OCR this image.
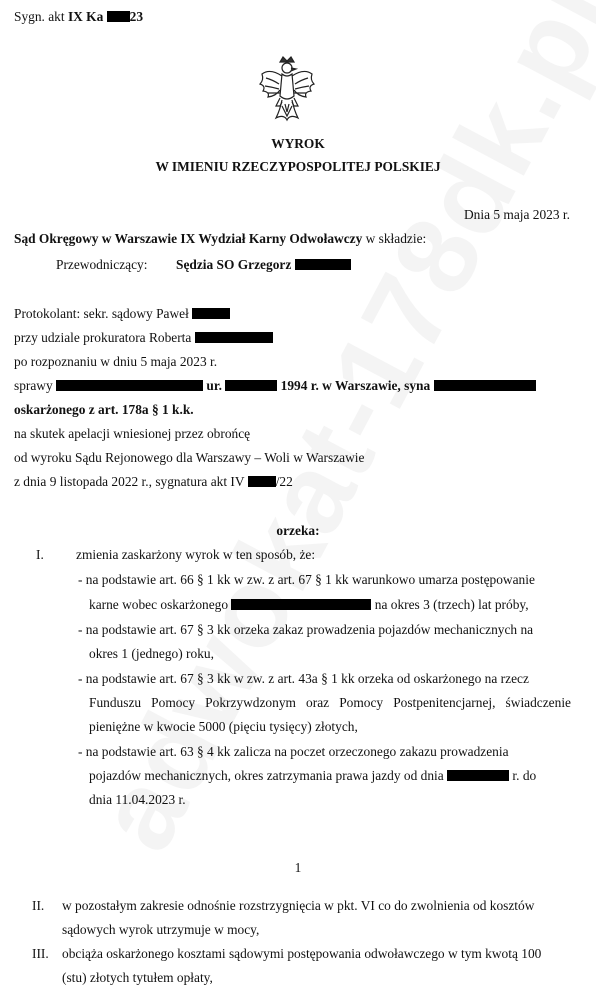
Sygn. akt IX Ka 23
WYROK
W IMIENIU RZECZYPOSPOLITEJ POLSKIEJ
Dnia 5 maja 2023 r.
Sąd Okręgowy w Warszawie IX Wydział Karny Odwoławczy w składzie:
Przewodniczący: Sędzia SO Grzegorz
Protokolant: sekr. sądowy Paweł
przy udziale prokuratora Roberta
po rozpoznaniu w dniu 5 maja 2023 r.
sprawy	ur.	1994 r. w Warszawie, syna
oskarżonego z art. 178a § 1 k.k.
na skutek apelacji wniesionej przez obrońcę
od wyroku Sądu Rejonowego dla Warszawy – Woli w Warszawie
z dnia 9 listopada 2022 r., sygnatura akt IV /22
orzeka:
I. zmienia zaskarżony wyrok w ten sposób, że:
- na podstawie art. 66 § 1 kk w zw. z art. 67 § 1 kk warunkowo umarza postępowanie
karne wobec oskarżonego	na okres 3 (trzech) lat próby,
- na podstawie art. 67 § 3 kk orzeka zakaz prowadzenia pojazdów mechanicznych na
okres 1 (jednego) roku,
- na podstawie art. 67 § 3 kk w zw. z art. 43a § 1 kk orzeka od oskarżonego na rzecz
Funduszu Pomocy Pokrzywdzonym oraz Pomocy Postpenitencjarnej, świadczenie
pieniężne w kwocie 5000 (pięciu tysięcy) złotych,
- na podstawie art. 63 § 4 kk zalicza na poczet orzeczonego zakazu prowadzenia
pojazdów mechanicznych, okres zatrzymania prawa jazdy od dnia	r. do
dnia 11.04.2023 r.
1
II. w pozostałym zakresie odnośnie rozstrzygnięcia w pkt. VI co do zwolnienia od kosztów
sądowych wyrok utrzymuje w mocy,
III. obciąża oskarżonego kosztami sądowymi postępowania odwoławczego w tym kwotą 100
(stu) złotych tytułem opłaty,
